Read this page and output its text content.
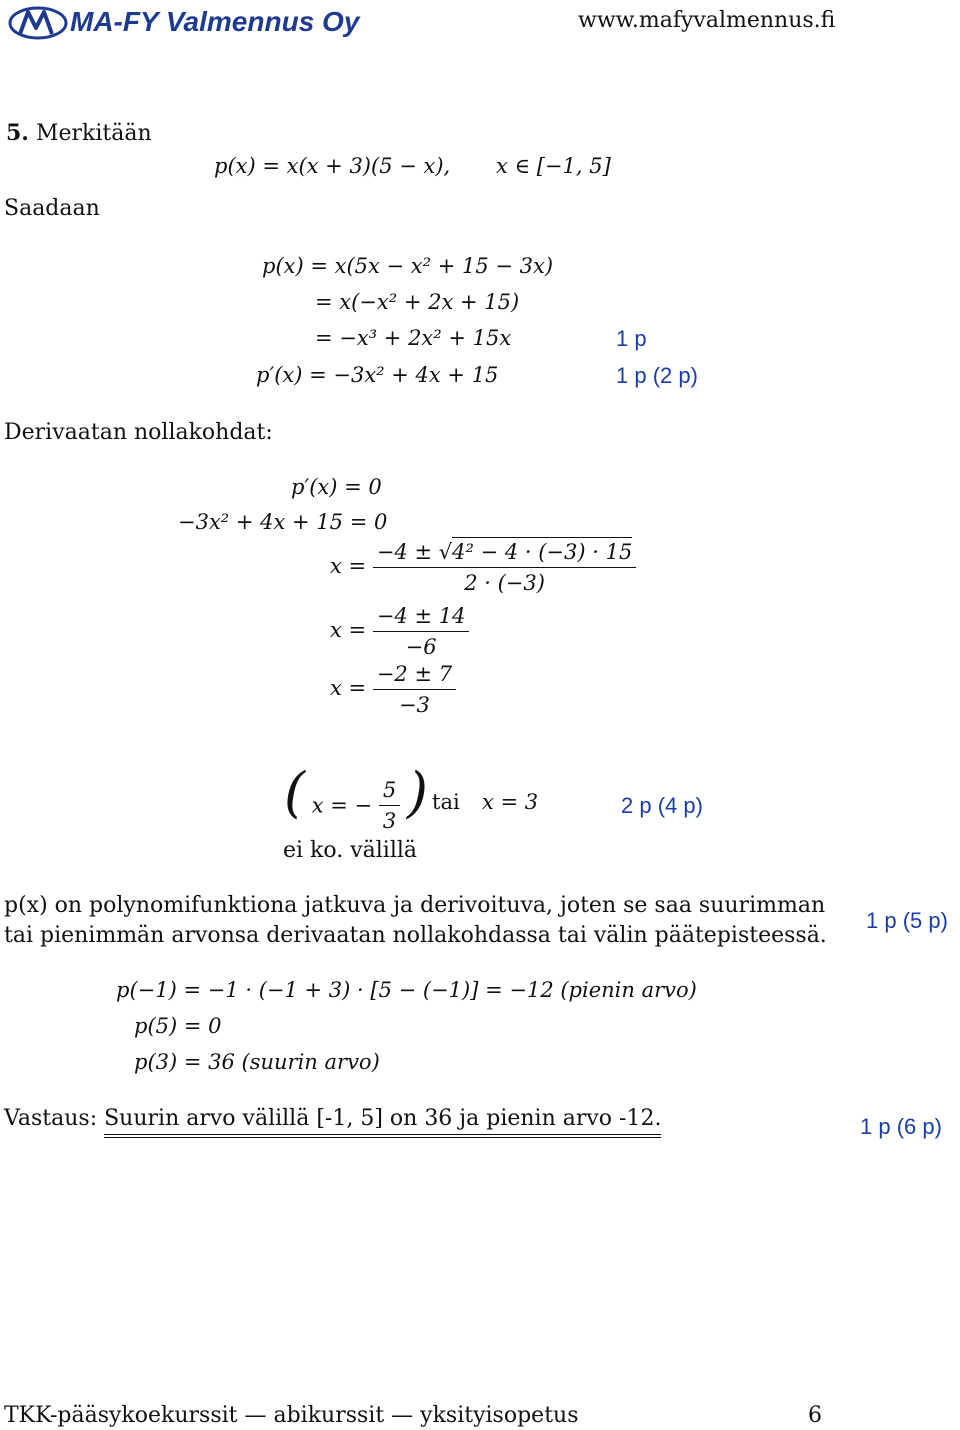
MA-FY Valmennus Oy	www.mafyvalmennus.fi
5. Merkitään
p(x) = x(x + 3)(5 − x), x ∈ [−1, 5]
Saadaan
p(x) = x(5x − x² + 15 − 3x)
= x(−x² + 2x + 15)
= −x³ + 2x² + 15x
p′(x) = −3x² + 4x + 15
1 p
1 p (2 p)
Derivaatan nollakohdat:
p′(x) = 0
−3x² + 4x + 15 = 0
$x = \frac{\text{−4 ± √4² − 4 · (−3) · 15}}{2 \cdot (-3)}$
$x = \frac{-4 \pm 14}{-6}$
$x = \frac{-2 \pm 7}{-3}$
( x = − $\frac{5}{3}$ )
ei ko. välillä
tai x = 3	2 p (4 p)
p(x) on polynomifunktiona jatkuva ja derivoituva, joten se saa suurimman
tai pienimmän arvonsa derivaatan nollakohdassa tai välin päätepisteessä.
1 p (5 p)
p(−1) = −1 · (−1 + 3) · [5 − (−1)] = −12 (pienin arvo)
p(5) = 0
p(3) = 36 (suurin arvo)
Vastaus: Suurin arvo välillä [-1, 5] on 36 ja pienin arvo -12.	1 p (6 p)
TKK-pääsykoekurssit — abikurssit — yksityisopetus	6
